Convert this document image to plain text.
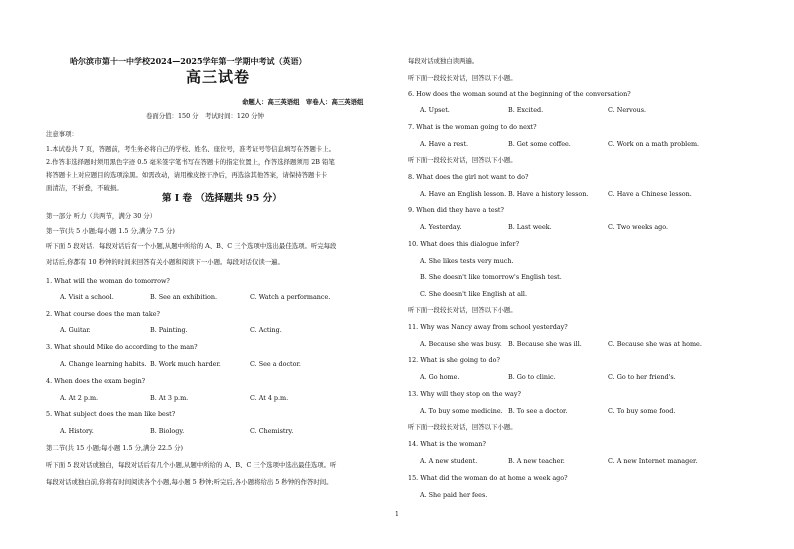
哈尔滨市第十一中学校2024—2025学年第一学期中考试（英语）
高三试卷
命题人：高三英语组　审卷人：高三英语组
卷面分值：150 分　考试时间：120 分钟
注意事项：
1.本试卷共 7 页，答题前，考生务必将自己的学校、姓名、座位号，准考证号等信息填写在答题卡上。
2.作答非选择题时须用黑色字迹 0.5 毫米签字笔书写在答题卡的指定位置上，作答选择题须用 2B 铅笔
将答题卡上对应题目的选项涂黑。如需改动，请用橡皮擦干净后，再选涂其他答案，请保持答题卡卡
面清洁，不折叠，不破损。
第 I 卷 （选择题共 95 分）
第一部分 听力（共两节，满分 30 分）
第一节(共 5 小题;每小题 1.5 分,满分 7.5 分)
听下面 5 段对话．每段对话后有一个小题,从题中所给的 A、B、C 三个选项中选出最佳选项。听完每段
对话后,你都有 10 秒钟的时间来回答有关小题和阅读下一小题。每段对话仅读一遍。
1. What will the woman do tomorrow?
A. Visit a school.	B. See an exhibition.	C. Watch a performance.
2. What course does the man take?
A. Guitar.	B. Painting.	C. Acting.
3. What should Mike do according to the man?
A. Change learning habits. B. Work much harder.	C. See a doctor.
4. When does the exam begin?
A. At 2 p.m.	B. At 3 p.m.	C. At 4 p.m.
5. What subject does the man like best?
A. History.	B. Biology.	C. Chemistry.
第二节(共 15 小题;每小题 1.5 分,满分 22.5 分)
听下面 5 段对话或独白，每段对话后有几个小题,从题中所给的 A、B、C 三个选项中选出最佳选项。听
每段对话或独白前,你将有时间阅读各个小题,每小题 5 秒钟;听完后,各小题将给出 5 秒钟的作答时间。
每段对话或独白读两遍。
听下面一段较长对话，回答以下小题。
6. How does the woman sound at the beginning of the conversation?
A. Upset.	B. Excited.	C. Nervous.
7. What is the woman going to do next?
A. Have a rest.	B. Get some coffee.	C. Work on a math problem.
听下面一段较长对话，回答以下小题。
8. What does the girl not want to do?
A. Have an English lesson. B. Have a history lesson.	C. Have a Chinese lesson.
9. When did they have a test?
A. Yesterday.	B. Last week.	C. Two weeks ago.
10. What does this dialogue infer?
A. She likes tests very much.
B. She doesn't like tomorrow's English test.
C. She doesn't like English at all.
听下面一段较长对话，回答以下小题。
11. Why was Nancy away from school yesterday?
A. Because she was busy. B. Because she was ill.	C. Because she was at home.
12. What is she going to do?
A. Go home.	B. Go to clinic.	C. Go to her friend's.
13. Why will they stop on the way?
A. To buy some medicine. B. To see a doctor.	C. To buy some food.
听下面一段较长对话，回答以下小题。
14. What is the woman?
A. A new student.	B. A new teacher.	C. A new Internet manager.
15. What did the woman do at home a week ago?
A. She paid her fees.
1
